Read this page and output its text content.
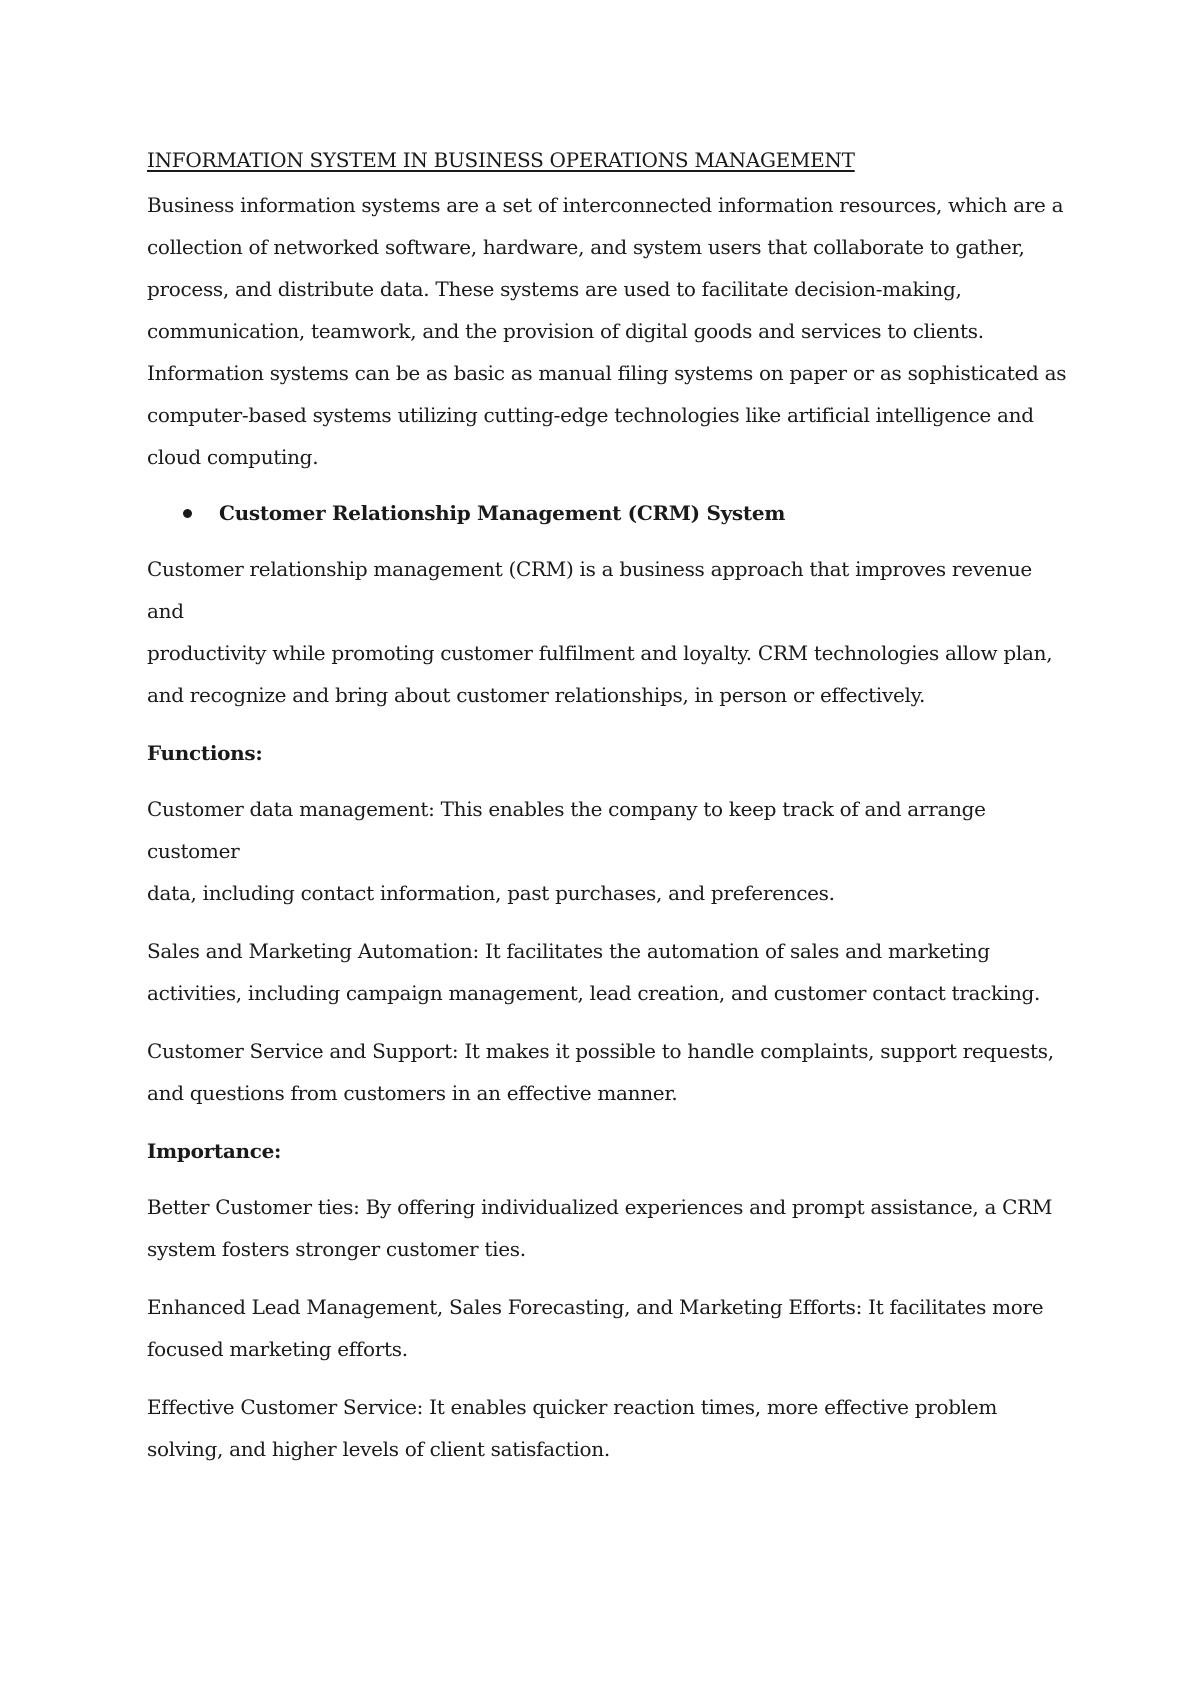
INFORMATION SYSTEM IN BUSINESS OPERATIONS MANAGEMENT

Business information systems are a set of interconnected information resources, which are a

collection of networked software, hardware, and system users that collaborate to gather,

process, and distribute data. These systems are used to facilitate decision-making,

communication, teamwork, and the provision of digital goods and services to clients.

Information systems can be as basic as manual filing systems on paper or as sophisticated as

computer-based systems utilizing cutting-edge technologies like artificial intelligence and

cloud computing.

Customer Relationship Management (CRM) System

Customer relationship management (CRM) is a business approach that improves revenue and

productivity while promoting customer fulfilment and loyalty. CRM technologies allow plan,

and recognize and bring about customer relationships, in person or effectively.

Functions:

Customer data management: This enables the company to keep track of and arrange customer

data, including contact information, past purchases, and preferences.

Sales and Marketing Automation: It facilitates the automation of sales and marketing

activities, including campaign management, lead creation, and customer contact tracking.

Customer Service and Support: It makes it possible to handle complaints, support requests,

and questions from customers in an effective manner.

Importance:

Better Customer ties: By offering individualized experiences and prompt assistance, a CRM

system fosters stronger customer ties.

Enhanced Lead Management, Sales Forecasting, and Marketing Efforts: It facilitates more

focused marketing efforts.

Effective Customer Service: It enables quicker reaction times, more effective problem

solving, and higher levels of client satisfaction.
